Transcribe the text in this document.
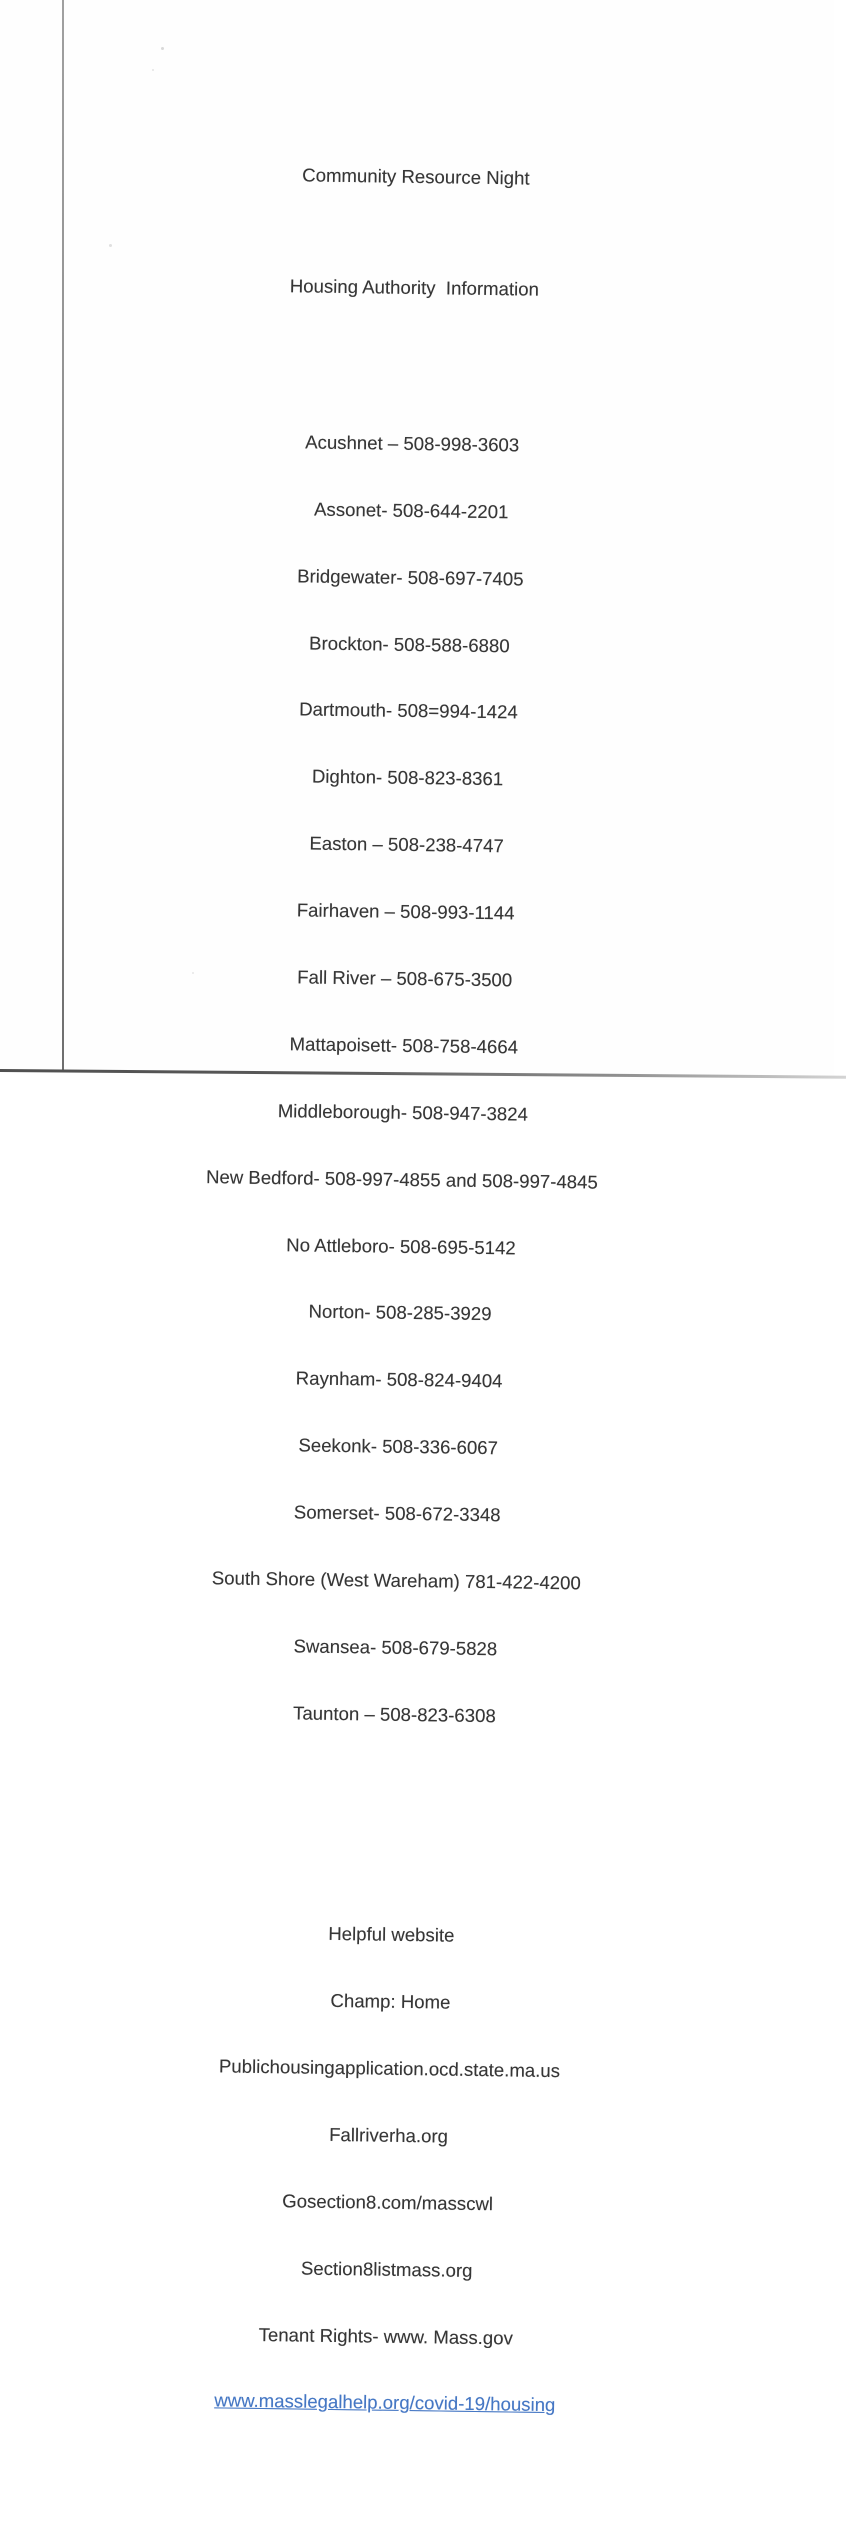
Community Resource Night

Housing Authority  Information

Acushnet – 508-998-3603

Assonet- 508-644-2201

Bridgewater- 508-697-7405

Brockton- 508-588-6880

Dartmouth- 508=994-1424

Dighton- 508-823-8361

Easton – 508-238-4747

Fairhaven – 508-993-1144

Fall River – 508-675-3500

Mattapoisett- 508-758-4664

Middleborough- 508-947-3824

New Bedford- 508-997-4855 and 508-997-4845

No Attleboro- 508-695-5142

Norton- 508-285-3929

Raynham- 508-824-9404

Seekonk- 508-336-6067

Somerset- 508-672-3348

South Shore (West Wareham) 781-422-4200

Swansea- 508-679-5828

Taunton – 508-823-6308

Helpful website

Champ: Home

Publichousingapplication.ocd.state.ma.us

Fallriverha.org

Gosection8.com/masscwl

Section8listmass.org

Tenant Rights- www. Mass.gov

www.masslegalhelp.org/covid-19/housing
